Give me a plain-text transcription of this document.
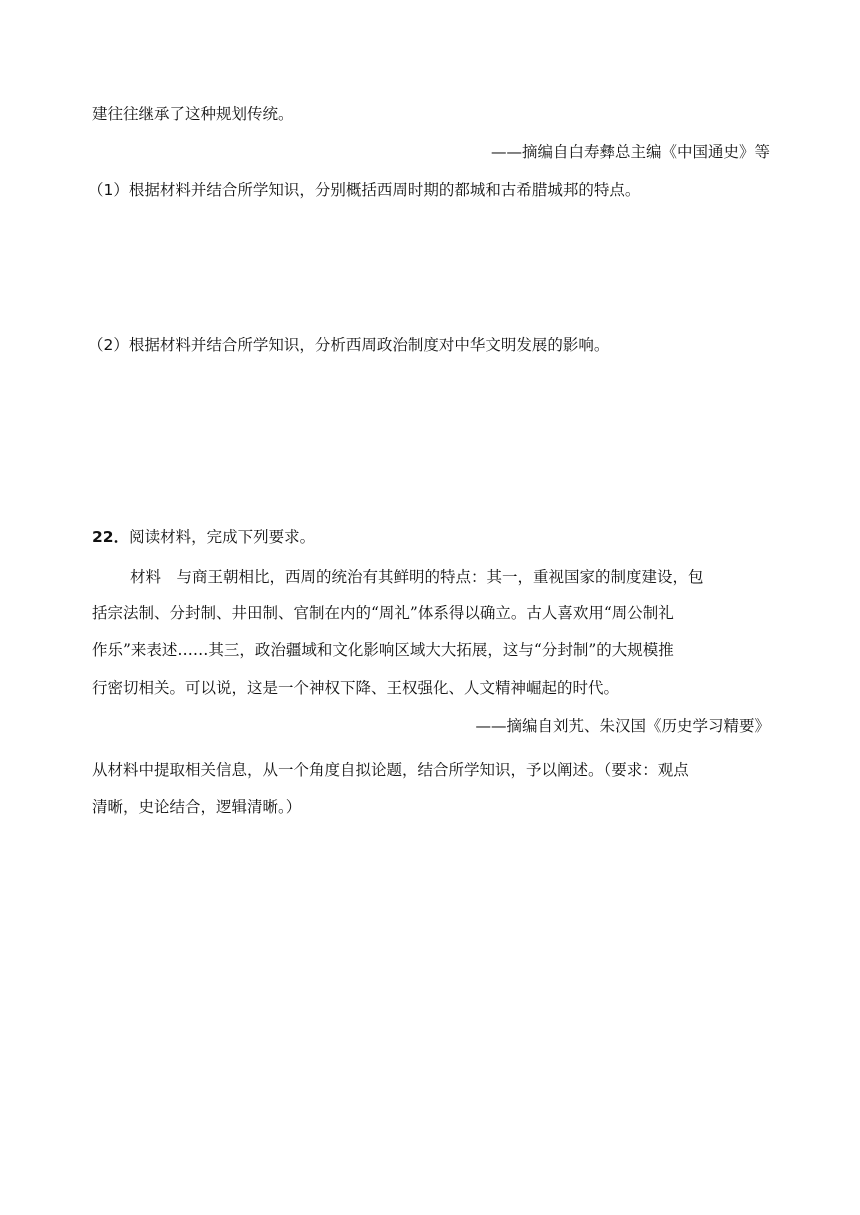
建往往继承了这种规划传统。
——摘编自白寿彝总主编《中国通史》等
（1）根据材料并结合所学知识，分别概括西周时期的都城和古希腊城邦的特点。
（2）根据材料并结合所学知识，分析西周政治制度对中华文明发展的影响。
22．阅读材料，完成下列要求。
材料　与商王朝相比，西周的统治有其鲜明的特点：其一，重视国家的制度建设，包
括宗法制、分封制、井田制、官制在内的“周礼”体系得以确立。古人喜欢用“周公制礼
作乐”来表述……其三，政治疆域和文化影响区域大大拓展，这与“分封制”的大规模推
行密切相关。可以说，这是一个神权下降、王权强化、人文精神崛起的时代。
——摘编自刘艽、朱汉国《历史学习精要》
从材料中提取相关信息，从一个角度自拟论题，结合所学知识，予以阐述。（要求：观点
清晰，史论结合，逻辑清晰。）
